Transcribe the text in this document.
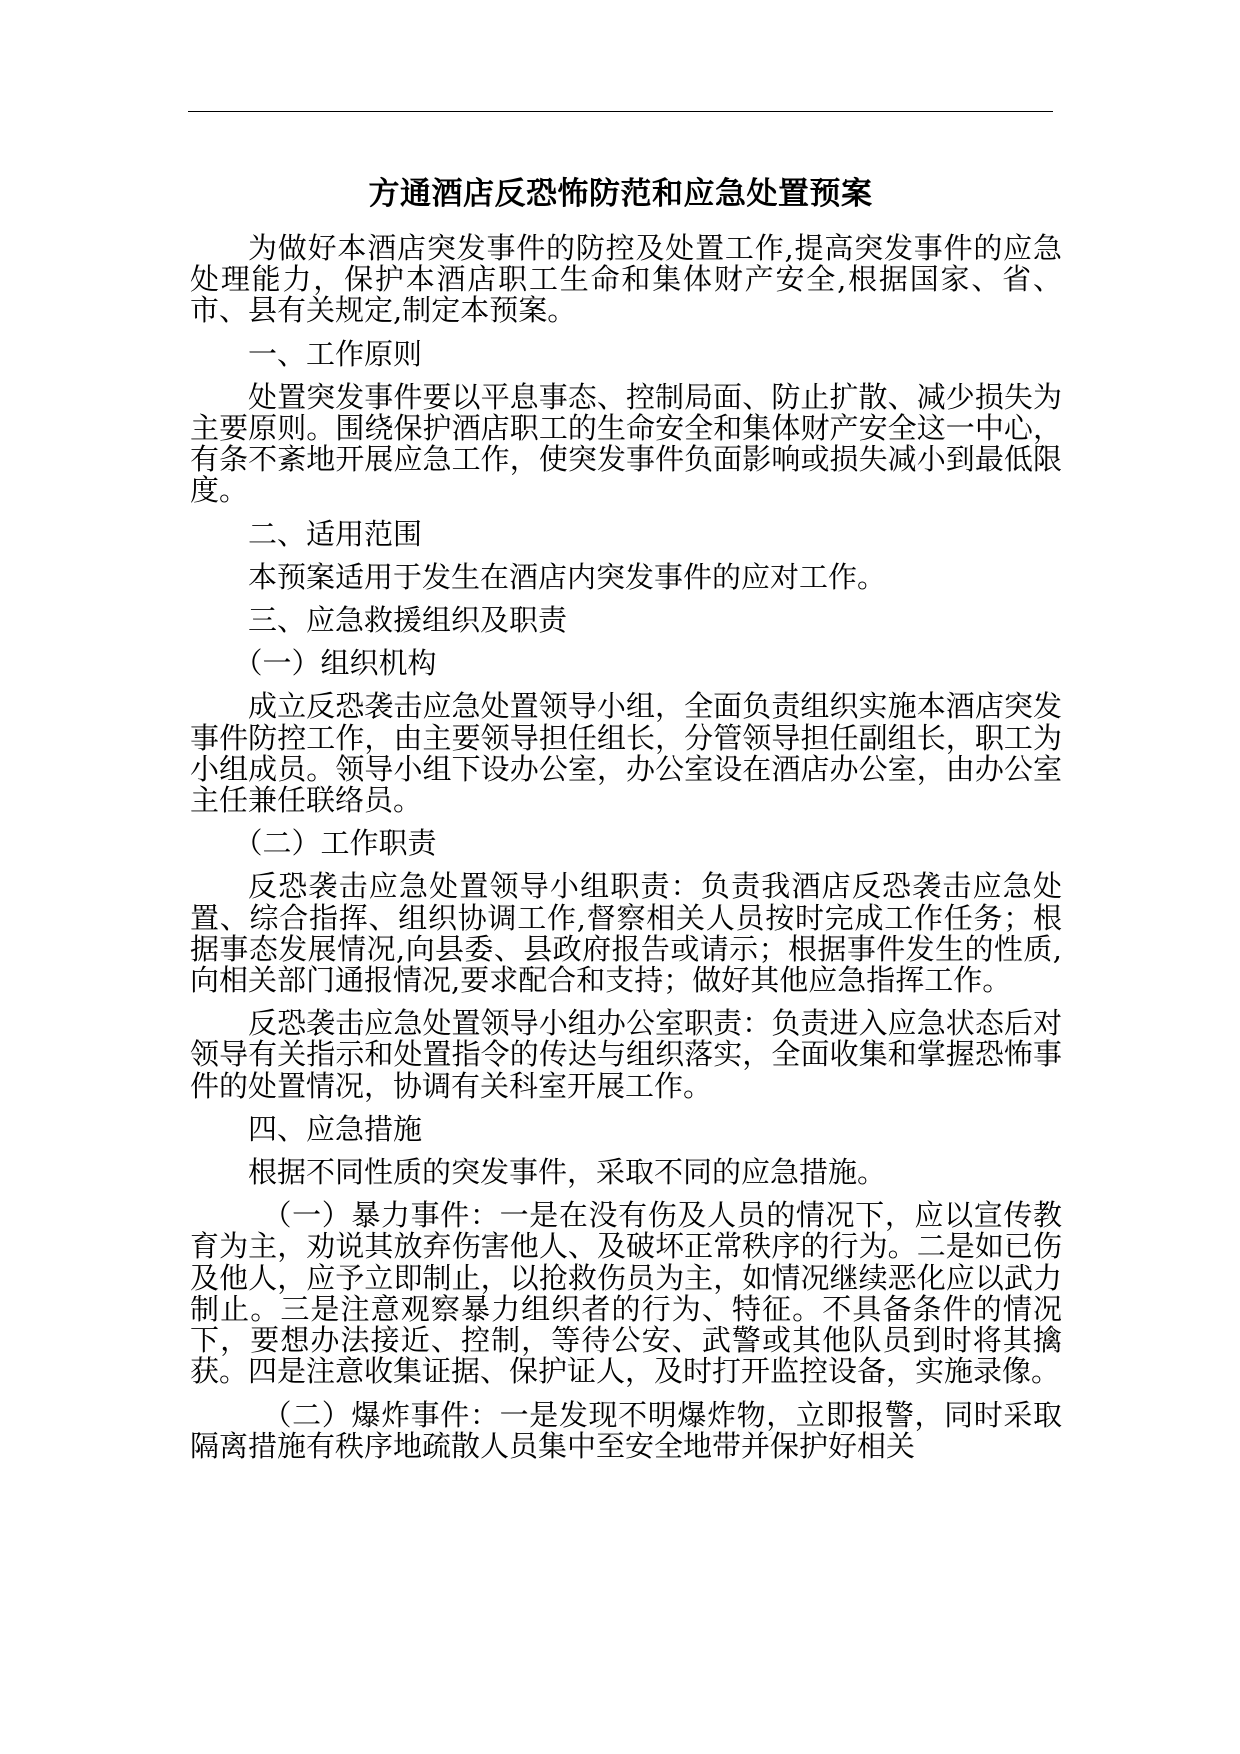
方通酒店反恐怖防范和应急处置预案

为做好本酒店突发事件的防控及处置工作,提高突发事件的应急处理能力，保护本酒店职工生命和集体财产安全,根据国家、省、市、县有关规定,制定本预案。

一、工作原则

处置突发事件要以平息事态、控制局面、防止扩散、减少损失为主要原则。围绕保护酒店职工的生命安全和集体财产安全这一中心，有条不紊地开展应急工作，使突发事件负面影响或损失减小到最低限度。

二、适用范围

本预案适用于发生在酒店内突发事件的应对工作。

三、应急救援组织及职责

（一）组织机构

成立反恐袭击应急处置领导小组，全面负责组织实施本酒店突发事件防控工作，由主要领导担任组长，分管领导担任副组长，职工为小组成员。领导小组下设办公室，办公室设在酒店办公室，由办公室主任兼任联络员。

（二）工作职责

反恐袭击应急处置领导小组职责：负责我酒店反恐袭击应急处置、综合指挥、组织协调工作,督察相关人员按时完成工作任务；根据事态发展情况,向县委、县政府报告或请示；根据事件发生的性质,向相关部门通报情况,要求配合和支持；做好其他应急指挥工作。

反恐袭击应急处置领导小组办公室职责：负责进入应急状态后对领导有关指示和处置指令的传达与组织落实，全面收集和掌握恐怖事件的处置情况，协调有关科室开展工作。

四、应急措施

根据不同性质的突发事件，采取不同的应急措施。

（一）暴力事件：一是在没有伤及人员的情况下，应以宣传教育为主，劝说其放弃伤害他人、及破坏正常秩序的行为。二是如已伤及他人，应予立即制止，以抢救伤员为主，如情况继续恶化应以武力制止。三是注意观察暴力组织者的行为、特征。不具备条件的情况下，要想办法接近、控制，等待公安、武警或其他队员到时将其擒获。四是注意收集证据、保护证人，及时打开监控设备，实施录像。

（二）爆炸事件：一是发现不明爆炸物，立即报警，同时采取隔离措施有秩序地疏散人员集中至安全地带并保护好相关
